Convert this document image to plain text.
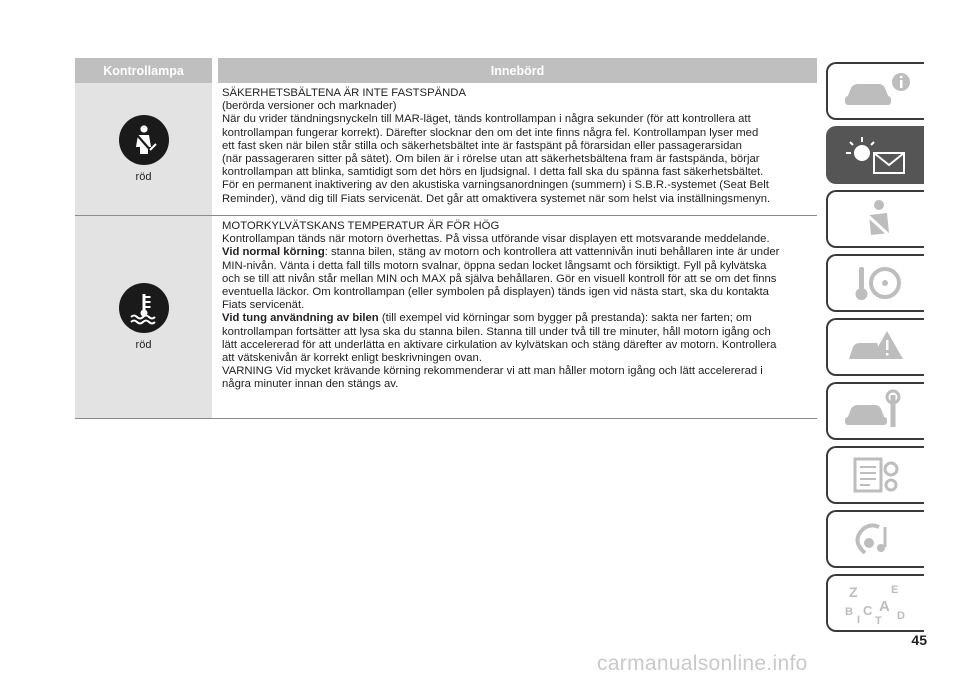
Kontrollampa	Innebörd
röd

SÄKERHETSBÄLTENA ÄR INTE FASTSPÄNDA

(berörda versioner och marknader)

När du vrider tändningsnyckeln till MAR-läget, tänds kontrollampan i några sekunder (för att kontrollera att

kontrollampan fungerar korrekt). Därefter slocknar den om det inte finns några fel. Kontrollampan lyser med

ett fast sken när bilen står stilla och säkerhetsbältet inte är fastspänt på förarsidan eller passagerarsidan

(när passageraren sitter på sätet). Om bilen är i rörelse utan att säkerhetsbältena fram är fastspända, börjar

kontrollampan att blinka, samtidigt som det hörs en ljudsignal. I detta fall ska du spänna fast säkerhetsbältet.

För en permanent inaktivering av den akustiska varningsanordningen (summern) i S.B.R.-systemet (Seat Belt

Reminder), vänd dig till Fiats servicenät. Det går att omaktivera systemet när som helst via inställningsmenyn.

röd

MOTORKYLVÄTSKANS TEMPERATUR ÄR FÖR HÖG

Kontrollampan tänds när motorn överhettas. På vissa utförande visar displayen ett motsvarande meddelande.

Vid normal körning: stanna bilen, stäng av motorn och kontrollera att vattennivån inuti behållaren inte är under

MIN-nivån. Vänta i detta fall tills motorn svalnar, öppna sedan locket långsamt och försiktigt. Fyll på kylvätska

och se till att nivån står mellan MIN och MAX på själva behållaren. Gör en visuell kontroll för att se om det finns

eventuella läckor. Om kontrollampan (eller symbolen på displayen) tänds igen vid nästa start, ska du kontakta

Fiats servicenät.

Vid tung användning av bilen (till exempel vid körningar som bygger på prestanda): sakta ner farten; om

kontrollampan fortsätter att lysa ska du stanna bilen. Stanna till under två till tre minuter, håll motorn igång och

lätt accelererad för att underlätta en aktivare cirkulation av kylvätskan och stäng därefter av motorn. Kontrollera

att vätskenivån är korrekt enligt beskrivningen ovan.

VARNING Vid mycket krävande körning rekommenderar vi att man håller motorn igång och lätt accelererad i

några minuter innan den stängs av.

Z	E
A
B
I
C
T D
45
carmanualsonline.info
